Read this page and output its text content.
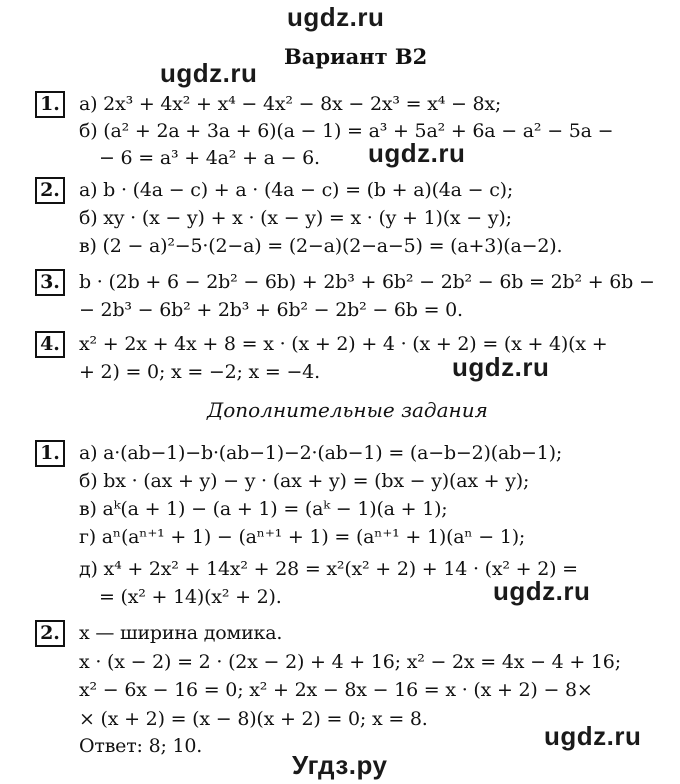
ugdz.ru
ugdz.ru
ugdz.ru
ugdz.ru
ugdz.ru
ugdz.ru
Угдз.ру
Вариант В2
1. а) 2x³ + 4x² + x⁴ − 4x² − 8x − 2x³ = x⁴ − 8x;
б) (a² + 2a + 3a + 6)(a − 1) = a³ + 5a² + 6a − a² − 5a −
− 6 = a³ + 4a² + a − 6.
2. а) b · (4a − c) + a · (4a − c) = (b + a)(4a − c);
б) xy · (x − y) + x · (x − y) = x · (y + 1)(x − y);
в) (2 − a)²−5·(2−a) = (2−a)(2−a−5) = (a+3)(a−2).
3. b · (2b + 6 − 2b² − 6b) + 2b³ + 6b² − 2b² − 6b = 2b² + 6b −
− 2b³ − 6b² + 2b³ + 6b² − 2b² − 6b = 0.
4. x² + 2x + 4x + 8 = x · (x + 2) + 4 · (x + 2) = (x + 4)(x +
+ 2) = 0; x = −2; x = −4.
Дополнительные задания
1. а) a·(ab−1)−b·(ab−1)−2·(ab−1) = (a−b−2)(ab−1);
б) bx · (ax + y) − y · (ax + y) = (bx − y)(ax + y);
в) aᵏ(a + 1) − (a + 1) = (aᵏ − 1)(a + 1);
г) aⁿ(aⁿ⁺¹ + 1) − (aⁿ⁺¹ + 1) = (aⁿ⁺¹ + 1)(aⁿ − 1);
д) x⁴ + 2x² + 14x² + 28 = x²(x² + 2) + 14 · (x² + 2) =
= (x² + 14)(x² + 2).
2. x — ширина домика.
x · (x − 2) = 2 · (2x − 2) + 4 + 16; x² − 2x = 4x − 4 + 16;
x² − 6x − 16 = 0; x² + 2x − 8x − 16 = x · (x + 2) − 8×
× (x + 2) = (x − 8)(x + 2) = 0; x = 8.
Ответ: 8; 10.
